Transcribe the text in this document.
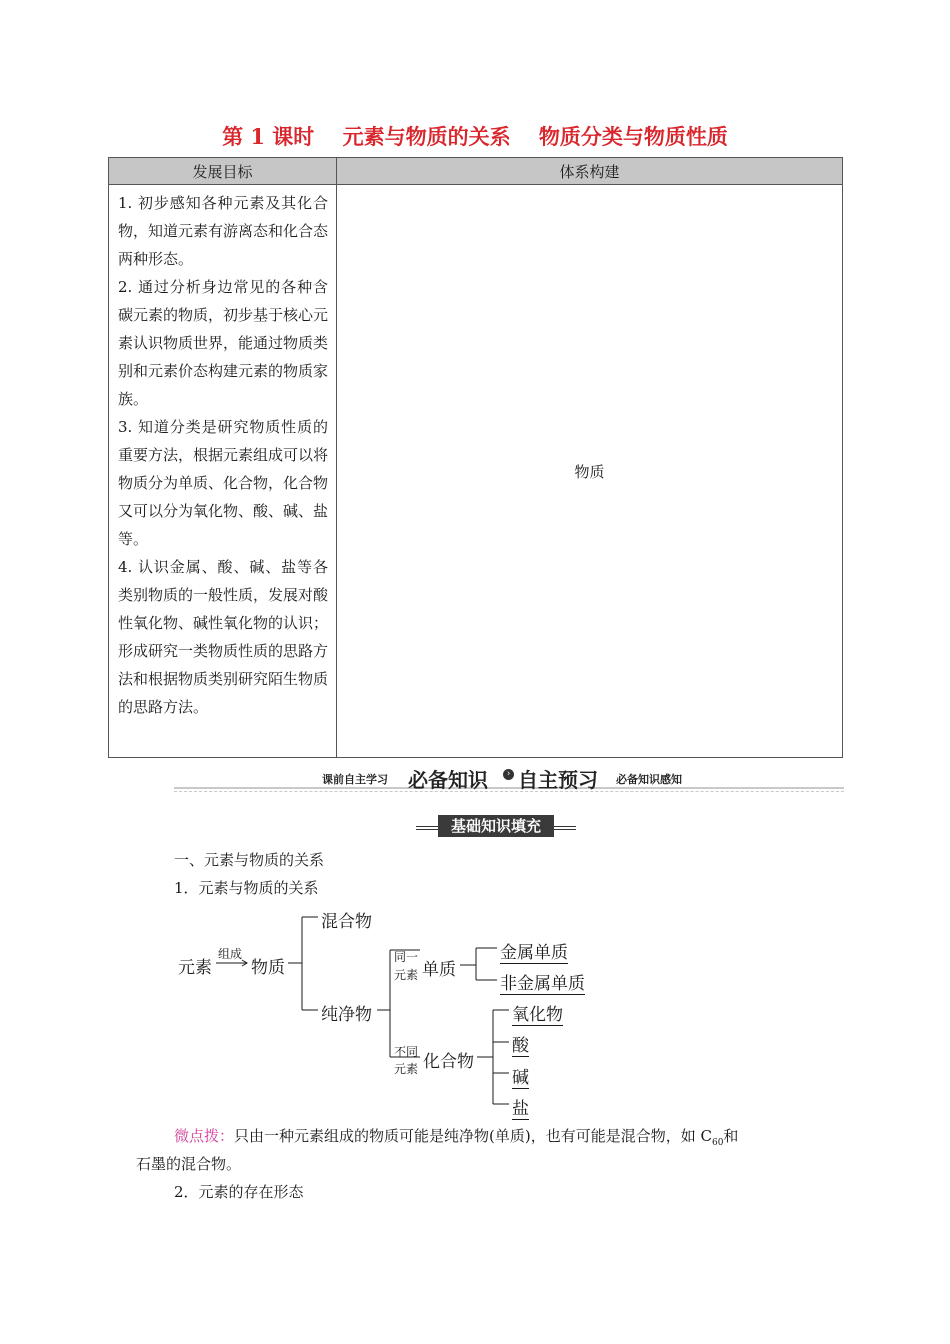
第 1 课时　 元素与物质的关系　 物质分类与物质性质
发展目标	体系构建

1. 初步感知各种元素及其化合物，知道元素有游离态和化合态两种形态。

2. 通过分析身边常见的各种含碳元素的物质，初步基于核心元素认识物质世界，能通过物质类别和元素价态构建元素的物质家族。

3. 知道分类是研究物质性质的重要方法，根据元素组成可以将物质分为单质、化合物，化合物又可以分为氧化物、酸、碱、盐等。

4. 认识金属、酸、碱、盐等各类别物质的一般性质，发展对酸性氧化物、碱性氧化物的认识；形成研究一类物质性质的思路方法和根据物质类别研究陌生物质的思路方法。	物质
课前自主学习 必备知识	› 自主预习 必备知识感知
基础知识填充
一、元素与物质的关系
1．元素与物质的关系
元素
组成
物质
混合物
纯净物
同一
元素 单质
金属单质
非金属单质
不同
元素 化合物
氧化物
酸
碱
盐
微点拨：只由一种元素组成的物质可能是纯净物(单质)，也有可能是混合物，如 $C_{60}$和
石墨的混合物。
2．元素的存在形态
